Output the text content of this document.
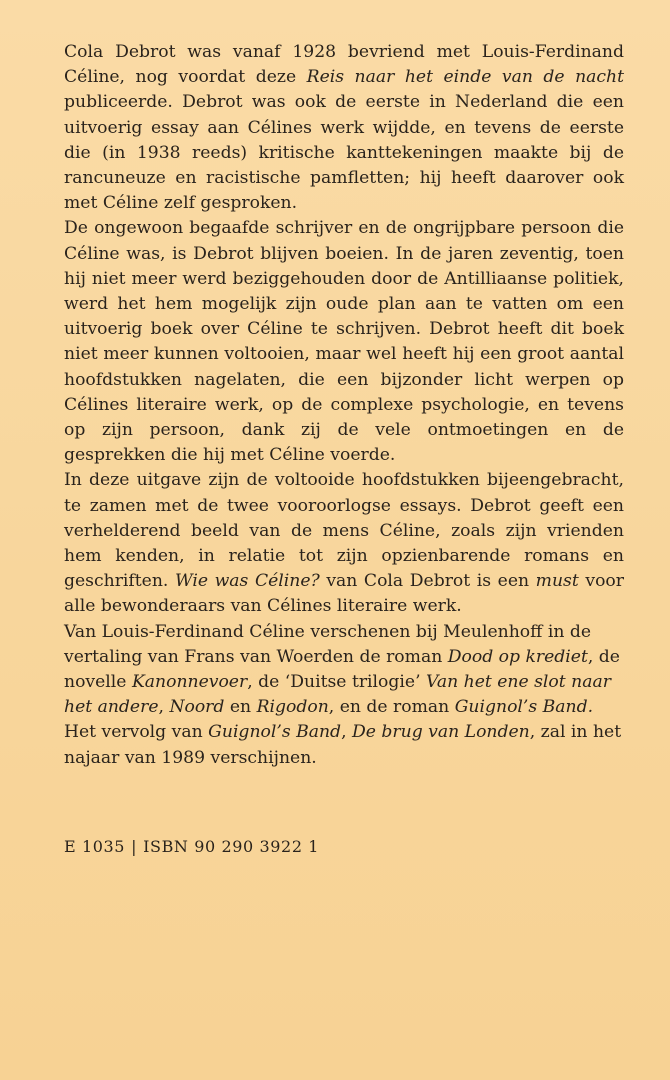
Cola Debrot was vanaf 1928 bevriend met Louis-Ferdinand Céline, nog voordat deze Reis naar het einde van de nacht publiceerde. Debrot was ook de eerste in Nederland die een uitvoerig essay aan Célines werk wijdde, en tevens de eerste die (in 1938 reeds) kritische kanttekeningen maakte bij de rancuneuze en racistische pamfletten; hij heeft daarover ook met Céline zelf gesproken.

De ongewoon begaafde schrijver en de ongrijpbare persoon die Céline was, is Debrot blijven boeien. In de jaren zeventig, toen hij niet meer werd beziggehouden door de Antilliaanse politiek, werd het hem mogelijk zijn oude plan aan te vatten om een uitvoerig boek over Céline te schrijven. Debrot heeft dit boek niet meer kunnen voltooien, maar wel heeft hij een groot aantal hoofdstukken nagelaten, die een bijzonder licht werpen op Célines literaire werk, op de complexe psychologie, en tevens op zijn persoon, dank zij de vele ontmoetingen en de gesprekken die hij met Céline voerde.

In deze uitgave zijn de voltooide hoofdstukken bijeengebracht, te zamen met de twee vooroorlogse essays. Debrot geeft een verhelderend beeld van de mens Céline, zoals zijn vrienden hem kenden, in relatie tot zijn opzienbarende romans en geschriften. Wie was Céline? van Cola Debrot is een must voor alle bewonderaars van Célines literaire werk.

Van Louis-Ferdinand Céline verschenen bij Meulenhoff in de vertaling van Frans van Woerden de roman Dood op krediet, de novelle Kanonnevoer, de ‘Duitse trilogie’ Van het ene slot naar het andere, Noord en Rigodon, en de roman Guignol’s Band. Het vervolg van Guignol’s Band, De brug van Londen, zal in het najaar van 1989 verschijnen.

E 1035 | ISBN 90 290 3922 1
